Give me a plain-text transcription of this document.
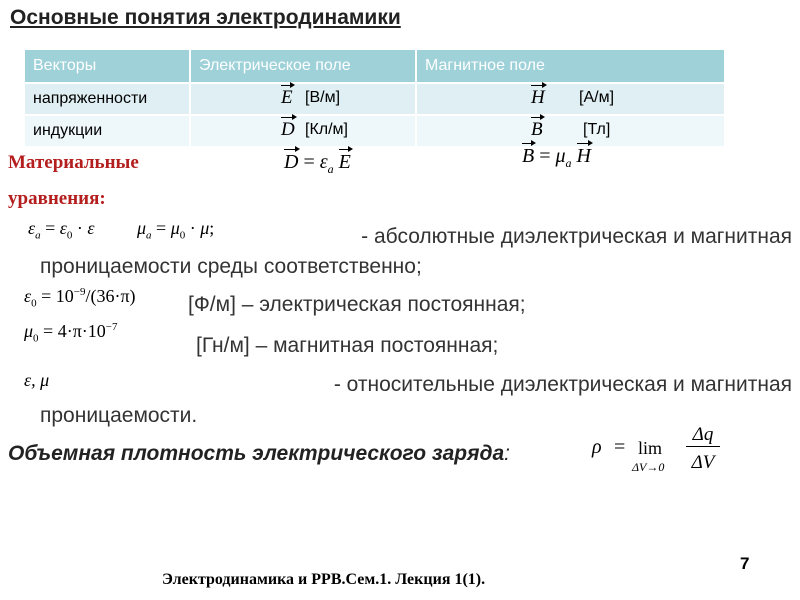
Основные понятия электродинамики
Векторы	Электрическое поле	Магнитное поле
напряженности	E [В/м]	H [А/м]

индукции	D [Кл/м]	B [Тл]
Материальные
уравнения:
$D = \varepsilon_a$ E	$B = \mu_a$ H
$\varepsilon_a = \varepsilon_0 \cdot \varepsilon$ $\mu_a = \mu_0 \cdot \mu$;	- абсолютные диэлектрическая и магнитная
проницаемости среды соответственно;
$\varepsilon_0 = 10^{-9}/(36\cdot\pi)$ [Ф/м] – электрическая постоянная;
$\mu_0 = 4\cdot\pi\cdot 10^{-7}$
[Гн/м] – магнитная постоянная;
ε, μ	- относительные диэлектрическая и магнитная
проницаемости.
Объемная плотность электрического заряда:	ρ = lim
ΔV→0
Δq
ΔV
7
Электродинамика и РРВ.Сем.1. Лекция 1(1).
